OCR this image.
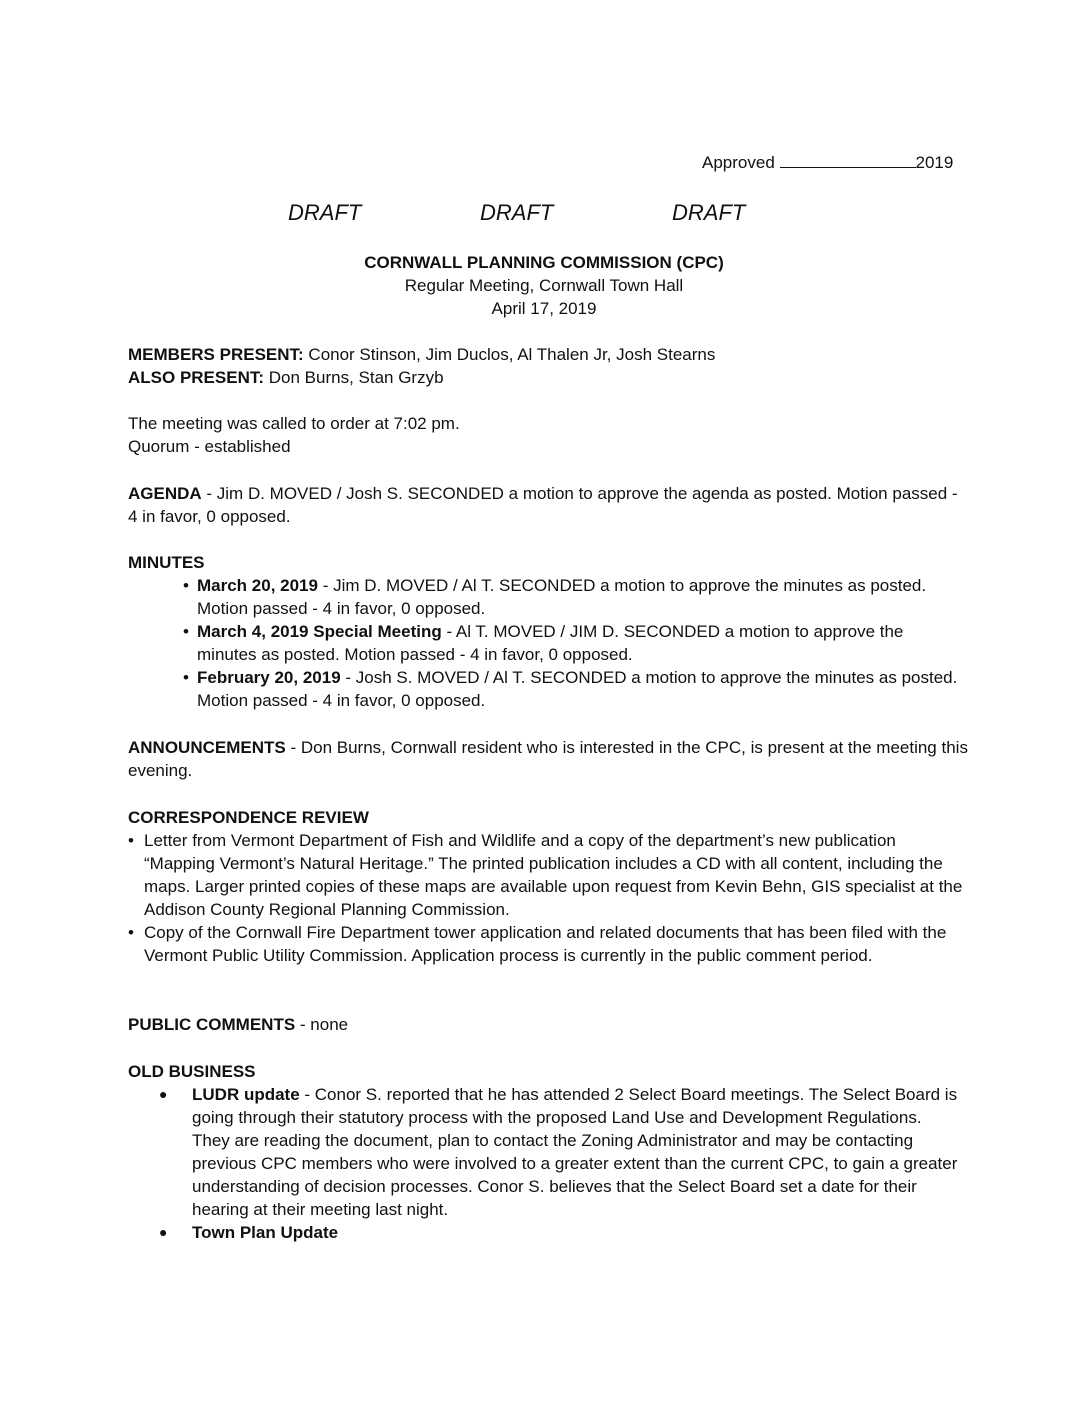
Approved	2019
DRAFT	DRAFT	DRAFT
CORNWALL PLANNING COMMISSION (CPC)
Regular Meeting, Cornwall Town Hall
April 17, 2019
MEMBERS PRESENT: Conor Stinson, Jim Duclos, Al Thalen Jr, Josh Stearns
ALSO PRESENT: Don Burns, Stan Grzyb
The meeting was called to order at 7:02 pm.
Quorum - established
AGENDA - Jim D. MOVED / Josh S. SECONDED a motion to approve the agenda as posted. Motion passed - 4 in favor, 0 opposed.
MINUTES
• March 20, 2019 - Jim D. MOVED / Al T. SECONDED a motion to approve the minutes as posted. Motion passed - 4 in favor, 0 opposed.
• March 4, 2019 Special Meeting - Al T. MOVED / JIM D. SECONDED a motion to approve the minutes as posted. Motion passed - 4 in favor, 0 opposed.
• February 20, 2019 - Josh S. MOVED / Al T. SECONDED a motion to approve the minutes as posted. Motion passed - 4 in favor, 0 opposed.
ANNOUNCEMENTS - Don Burns, Cornwall resident who is interested in the CPC, is present at the meeting this evening.
CORRESPONDENCE REVIEW
• Letter from Vermont Department of Fish and Wildlife and a copy of the department’s new publication “Mapping Vermont’s Natural Heritage.” The printed publication includes a CD with all content, including the maps. Larger printed copies of these maps are available upon request from Kevin Behn, GIS specialist at the Addison County Regional Planning Commission.
• Copy of the Cornwall Fire Department tower application and related documents that has been filed with the Vermont Public Utility Commission. Application process is currently in the public comment period.
PUBLIC COMMENTS - none
OLD BUSINESS
● LUDR update - Conor S. reported that he has attended 2 Select Board meetings. The Select Board is going through their statutory process with the proposed Land Use and Development Regulations. They are reading the document, plan to contact the Zoning Administrator and may be contacting previous CPC members who were involved to a greater extent than the current CPC, to gain a greater understanding of decision processes. Conor S. believes that the Select Board set a date for their hearing at their meeting last night.
● Town Plan Update
